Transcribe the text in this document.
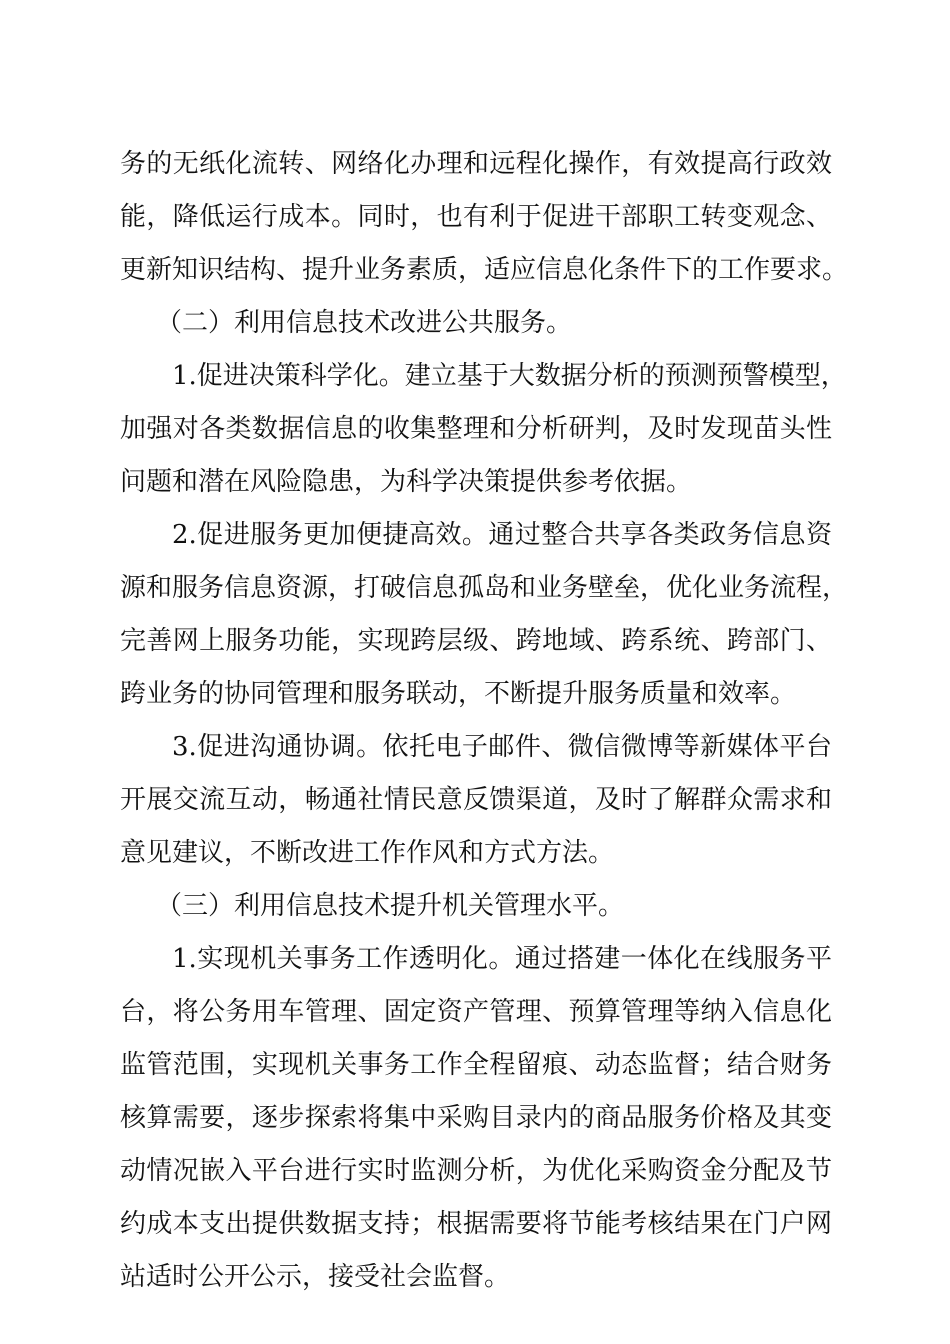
务的无纸化流转、网络化办理和远程化操作，有效提高行政效
能，降低运行成本。同时，也有利于促进干部职工转变观念、
更新知识结构、提升业务素质，适应信息化条件下的工作要求。
（二）利用信息技术改进公共服务。
1.促进决策科学化。建立基于大数据分析的预测预警模型，
加强对各类数据信息的收集整理和分析研判，及时发现苗头性
问题和潜在风险隐患，为科学决策提供参考依据。
2.促进服务更加便捷高效。通过整合共享各类政务信息资
源和服务信息资源，打破信息孤岛和业务壁垒，优化业务流程，
完善网上服务功能，实现跨层级、跨地域、跨系统、跨部门、
跨业务的协同管理和服务联动，不断提升服务质量和效率。
3.促进沟通协调。依托电子邮件、微信微博等新媒体平台
开展交流互动，畅通社情民意反馈渠道，及时了解群众需求和
意见建议，不断改进工作作风和方式方法。
（三）利用信息技术提升机关管理水平。
1.实现机关事务工作透明化。通过搭建一体化在线服务平
台，将公务用车管理、固定资产管理、预算管理等纳入信息化
监管范围，实现机关事务工作全程留痕、动态监督；结合财务
核算需要，逐步探索将集中采购目录内的商品服务价格及其变
动情况嵌入平台进行实时监测分析，为优化采购资金分配及节
约成本支出提供数据支持；根据需要将节能考核结果在门户网
站适时公开公示，接受社会监督。
